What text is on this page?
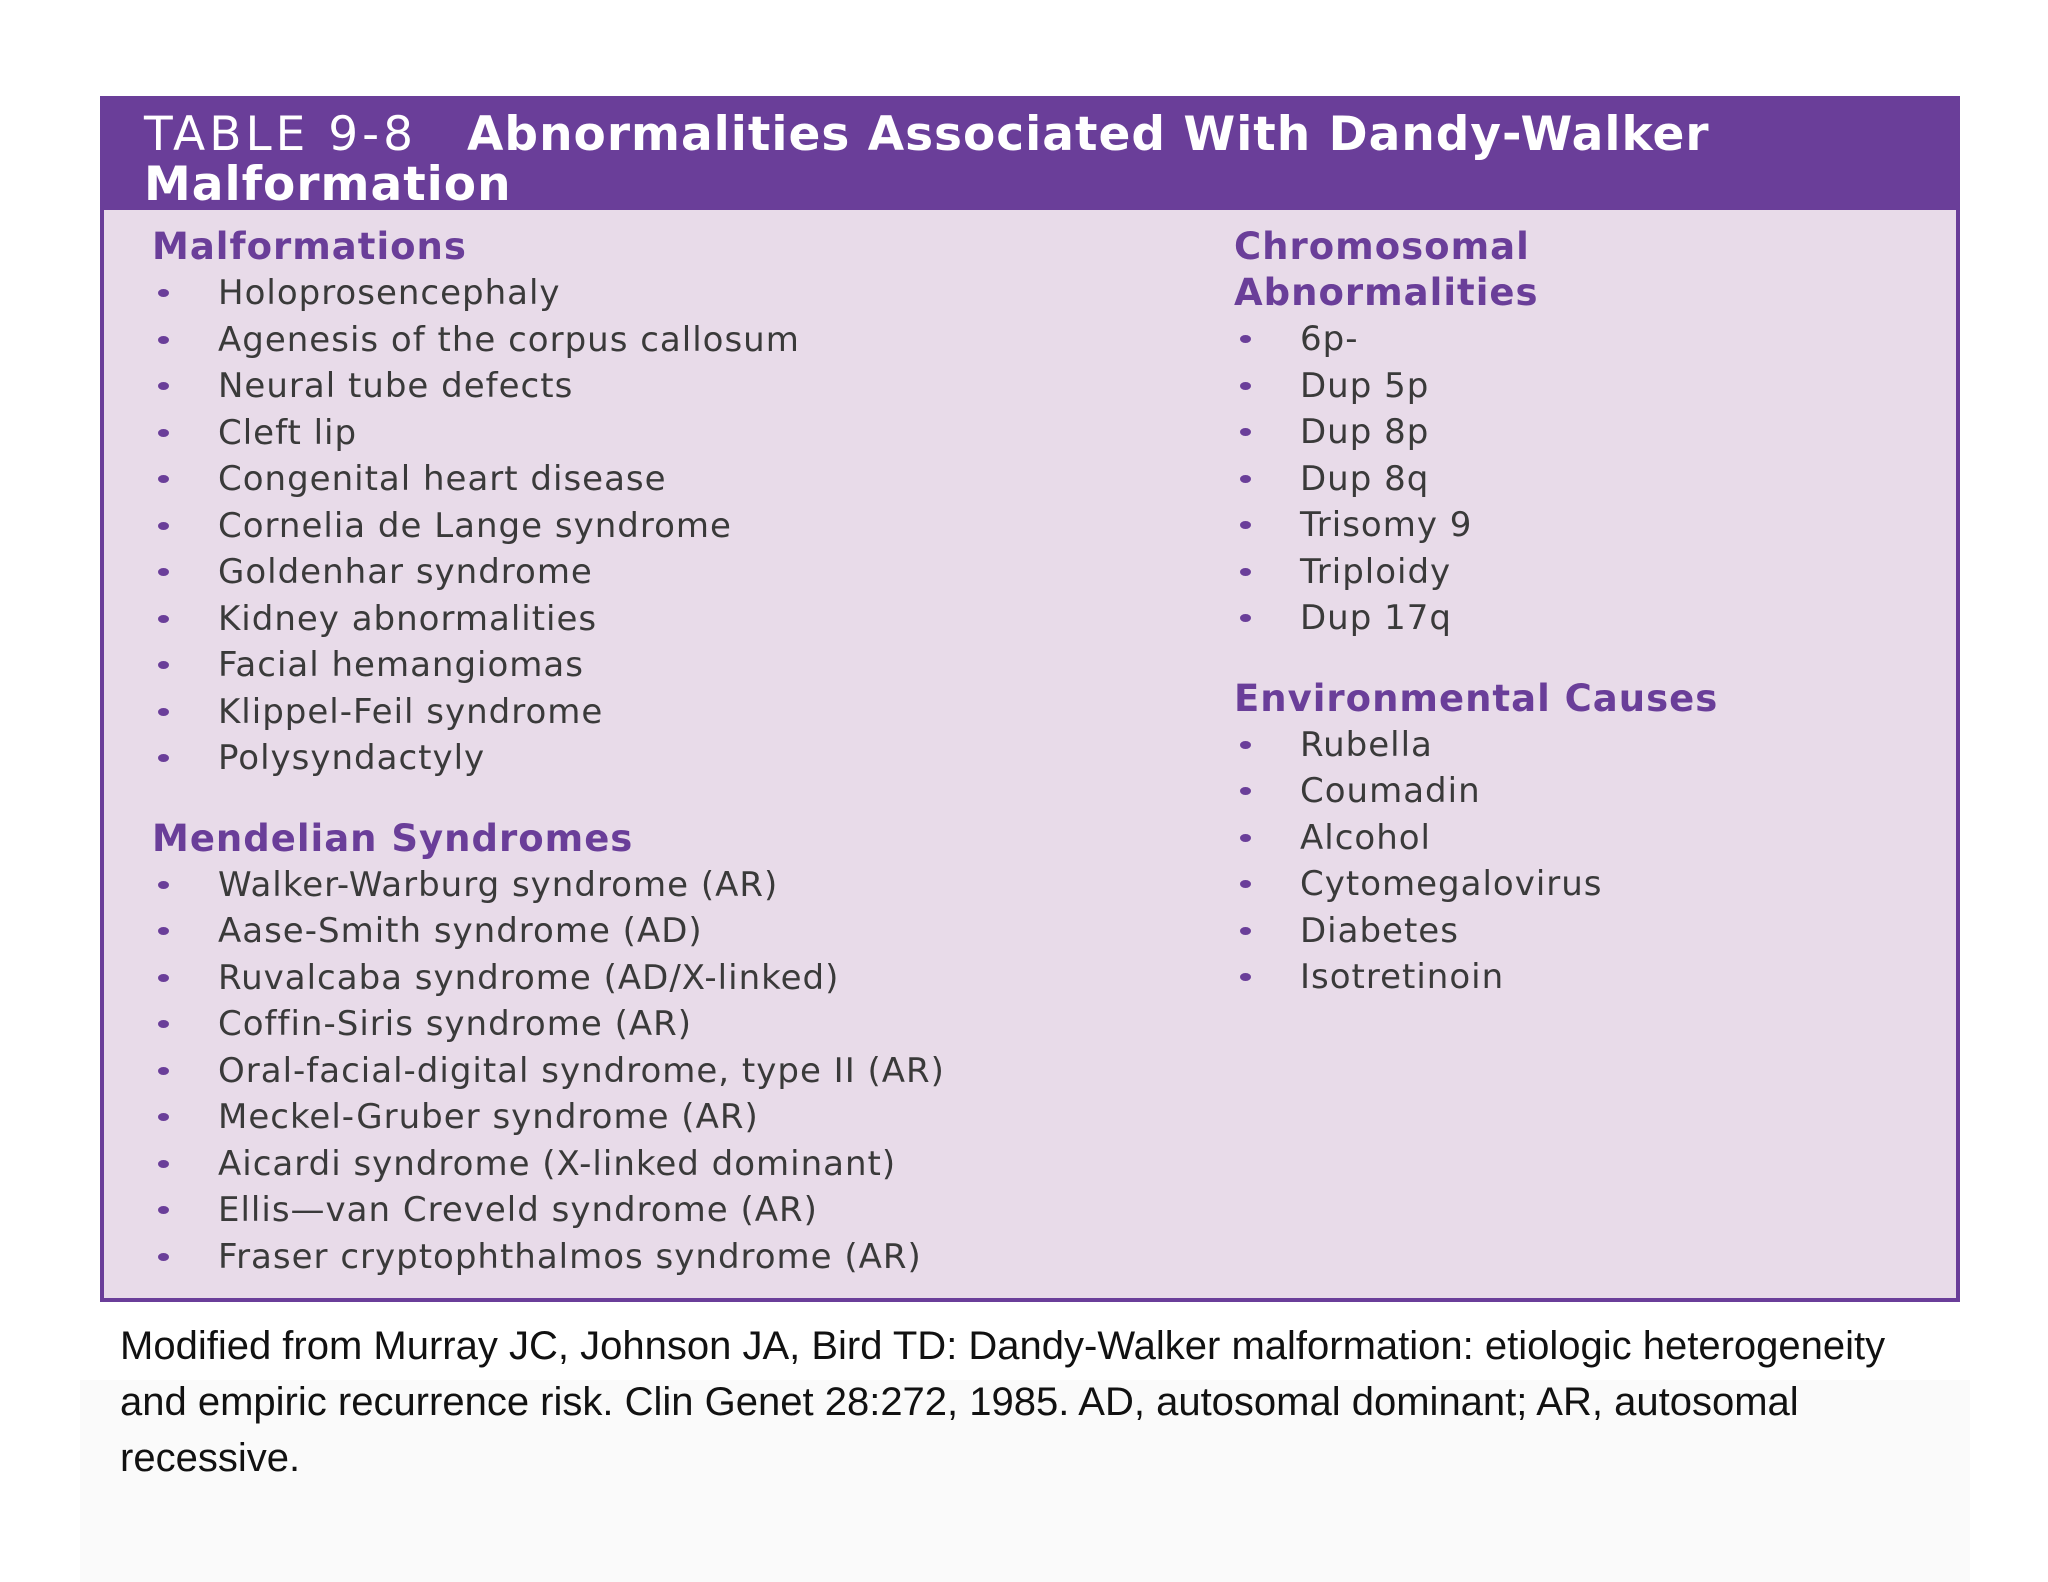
TABLE 9-8 Abnormalities Associated With Dandy-Walker Malformation
Malformations
Holoprosencephaly
Agenesis of the corpus callosum
Neural tube defects
Cleft lip
Congenital heart disease
Cornelia de Lange syndrome
Goldenhar syndrome
Kidney abnormalities
Facial hemangiomas
Klippel-Feil syndrome
Polysyndactyly
Mendelian Syndromes
Walker-Warburg syndrome (AR)
Aase-Smith syndrome (AD)
Ruvalcaba syndrome (AD/X-linked)
Coffin-Siris syndrome (AR)
Oral-facial-digital syndrome, type II (AR)
Meckel-Gruber syndrome (AR)
Aicardi syndrome (X-linked dominant)
Ellis—van Creveld syndrome (AR)
Fraser cryptophthalmos syndrome (AR)
Chromosomal
Abnormalities
6p-
Dup 5p
Dup 8p
Dup 8q
Trisomy 9
Triploidy
Dup 17q
Environmental Causes
Rubella
Coumadin
Alcohol
Cytomegalovirus
Diabetes
Isotretinoin

Modified from Murray JC, Johnson JA, Bird TD: Dandy-Walker malformation: etiologic heterogeneity and empiric recurrence risk. Clin Genet 28:272, 1985. AD, autosomal dominant; AR, autosomal recessive.
